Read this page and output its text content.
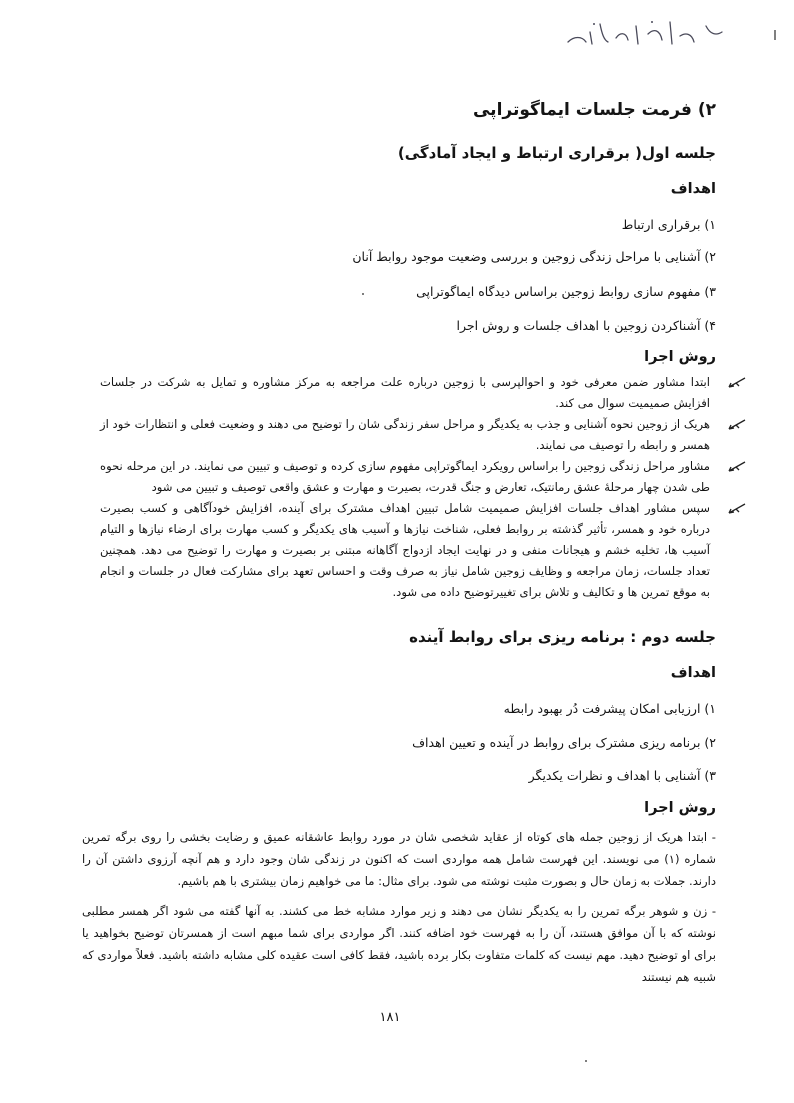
۲) فرمت جلسات ایماگوتراپی
جلسه اول( برقراری ارتباط و ایجاد آمادگی)
اهداف
۱) برقراری ارتباط
۲) آشنایی با مراحل زندگی زوجین و بررسی وضعیت موجود روابط آنان
۳) مفهوم سازی روابط زوجین براساس دیدگاه ایماگوتراپی
۴) آشناکردن زوجین با اهداف جلسات و روش اجرا
روش اجرا
ابتدا مشاور ضمن معرفی خود و احوالپرسی با زوجین درباره علت مراجعه به مرکز مشاوره و تمایل به شرکت در جلسات افزایش صمیمیت سوال می کند.
هریک از زوجین نحوه آشنایی و جذب به یکدیگر و مراحل سفر زندگی شان را توضیح می دهند و وضعیت فعلی و انتظارات خود از همسر و رابطه را توصیف می نمایند.
مشاور مراحل زندگی زوجین را براساس رویکرد ایماگوتراپی مفهوم سازی کرده و توصیف و تبیین می نمایند. در این مرحله نحوه طی شدن چهار مرحلهٔ عشق رمانتیک، تعارض و جنگ قدرت، بصیرت و مهارت و عشق واقعی توصیف و تبیین می شود
سپس مشاور اهداف جلسات افزایش صمیمیت شامل تبیین اهداف مشترک برای آینده، افزایش خودآگاهی و کسب بصیرت درباره خود و همسر، تأثیر گذشته بر روابط فعلی، شناخت نیازها و آسیب های یکدیگر و کسب مهارت برای ارضاء نیازها و التیام آسیب ها، تخلیه خشم و هیجانات منفی و در نهایت ایجاد ازدواج آگاهانه مبتنی بر بصیرت و مهارت را توضیح می دهد. همچنین تعداد جلسات، زمان مراجعه و وظایف زوجین شامل نیاز به صرف وقت و احساس تعهد برای مشارکت فعال در جلسات و انجام به موقع تمرین ها و تکالیف و تلاش برای تغییرتوضیح داده می شود.
جلسه دوم : برنامه ریزی برای روابط آینده
اهداف
۱) ارزیابی امکان پیشرفت دُر بهبود رابطه
۲) برنامه ریزی مشترک برای روابط در آینده و تعیین اهداف
۳) آشنایی با اهداف و نظرات یکدیگر
روش اجرا
- ابتدا هریک از زوجین جمله های کوتاه از عقاید شخصی شان در مورد روابط عاشقانه عمیق و رضایت بخشی را روی برگه تمرین شماره (۱) می نویسند. این فهرست شامل همه مواردی است که اکنون در زندگی شان وجود دارد و هم آنچه آرزوی داشتن آن را دارند. جملات به زمان حال و بصورت مثبت نوشته می شود. برای مثال: ما می خواهیم زمان بیشتری با هم باشیم.
- زن و شوهر برگه تمرین را به یکدیگر نشان می دهند و زیر موارد مشابه خط می کشند. به آنها گفته می شود اگر همسر مطلبی نوشته که با آن موافق هستند، آن را به فهرست خود اضافه کنند. اگر مواردی برای شما مبهم است از همسرتان توضیح بخواهید یا برای او توضیح دهید. مهم نیست که کلمات متفاوت بکار برده باشید، فقط کافی است عقیده کلی مشابه داشته باشید. فعلاً مواردی که شبیه هم نیستند
۱۸۱
